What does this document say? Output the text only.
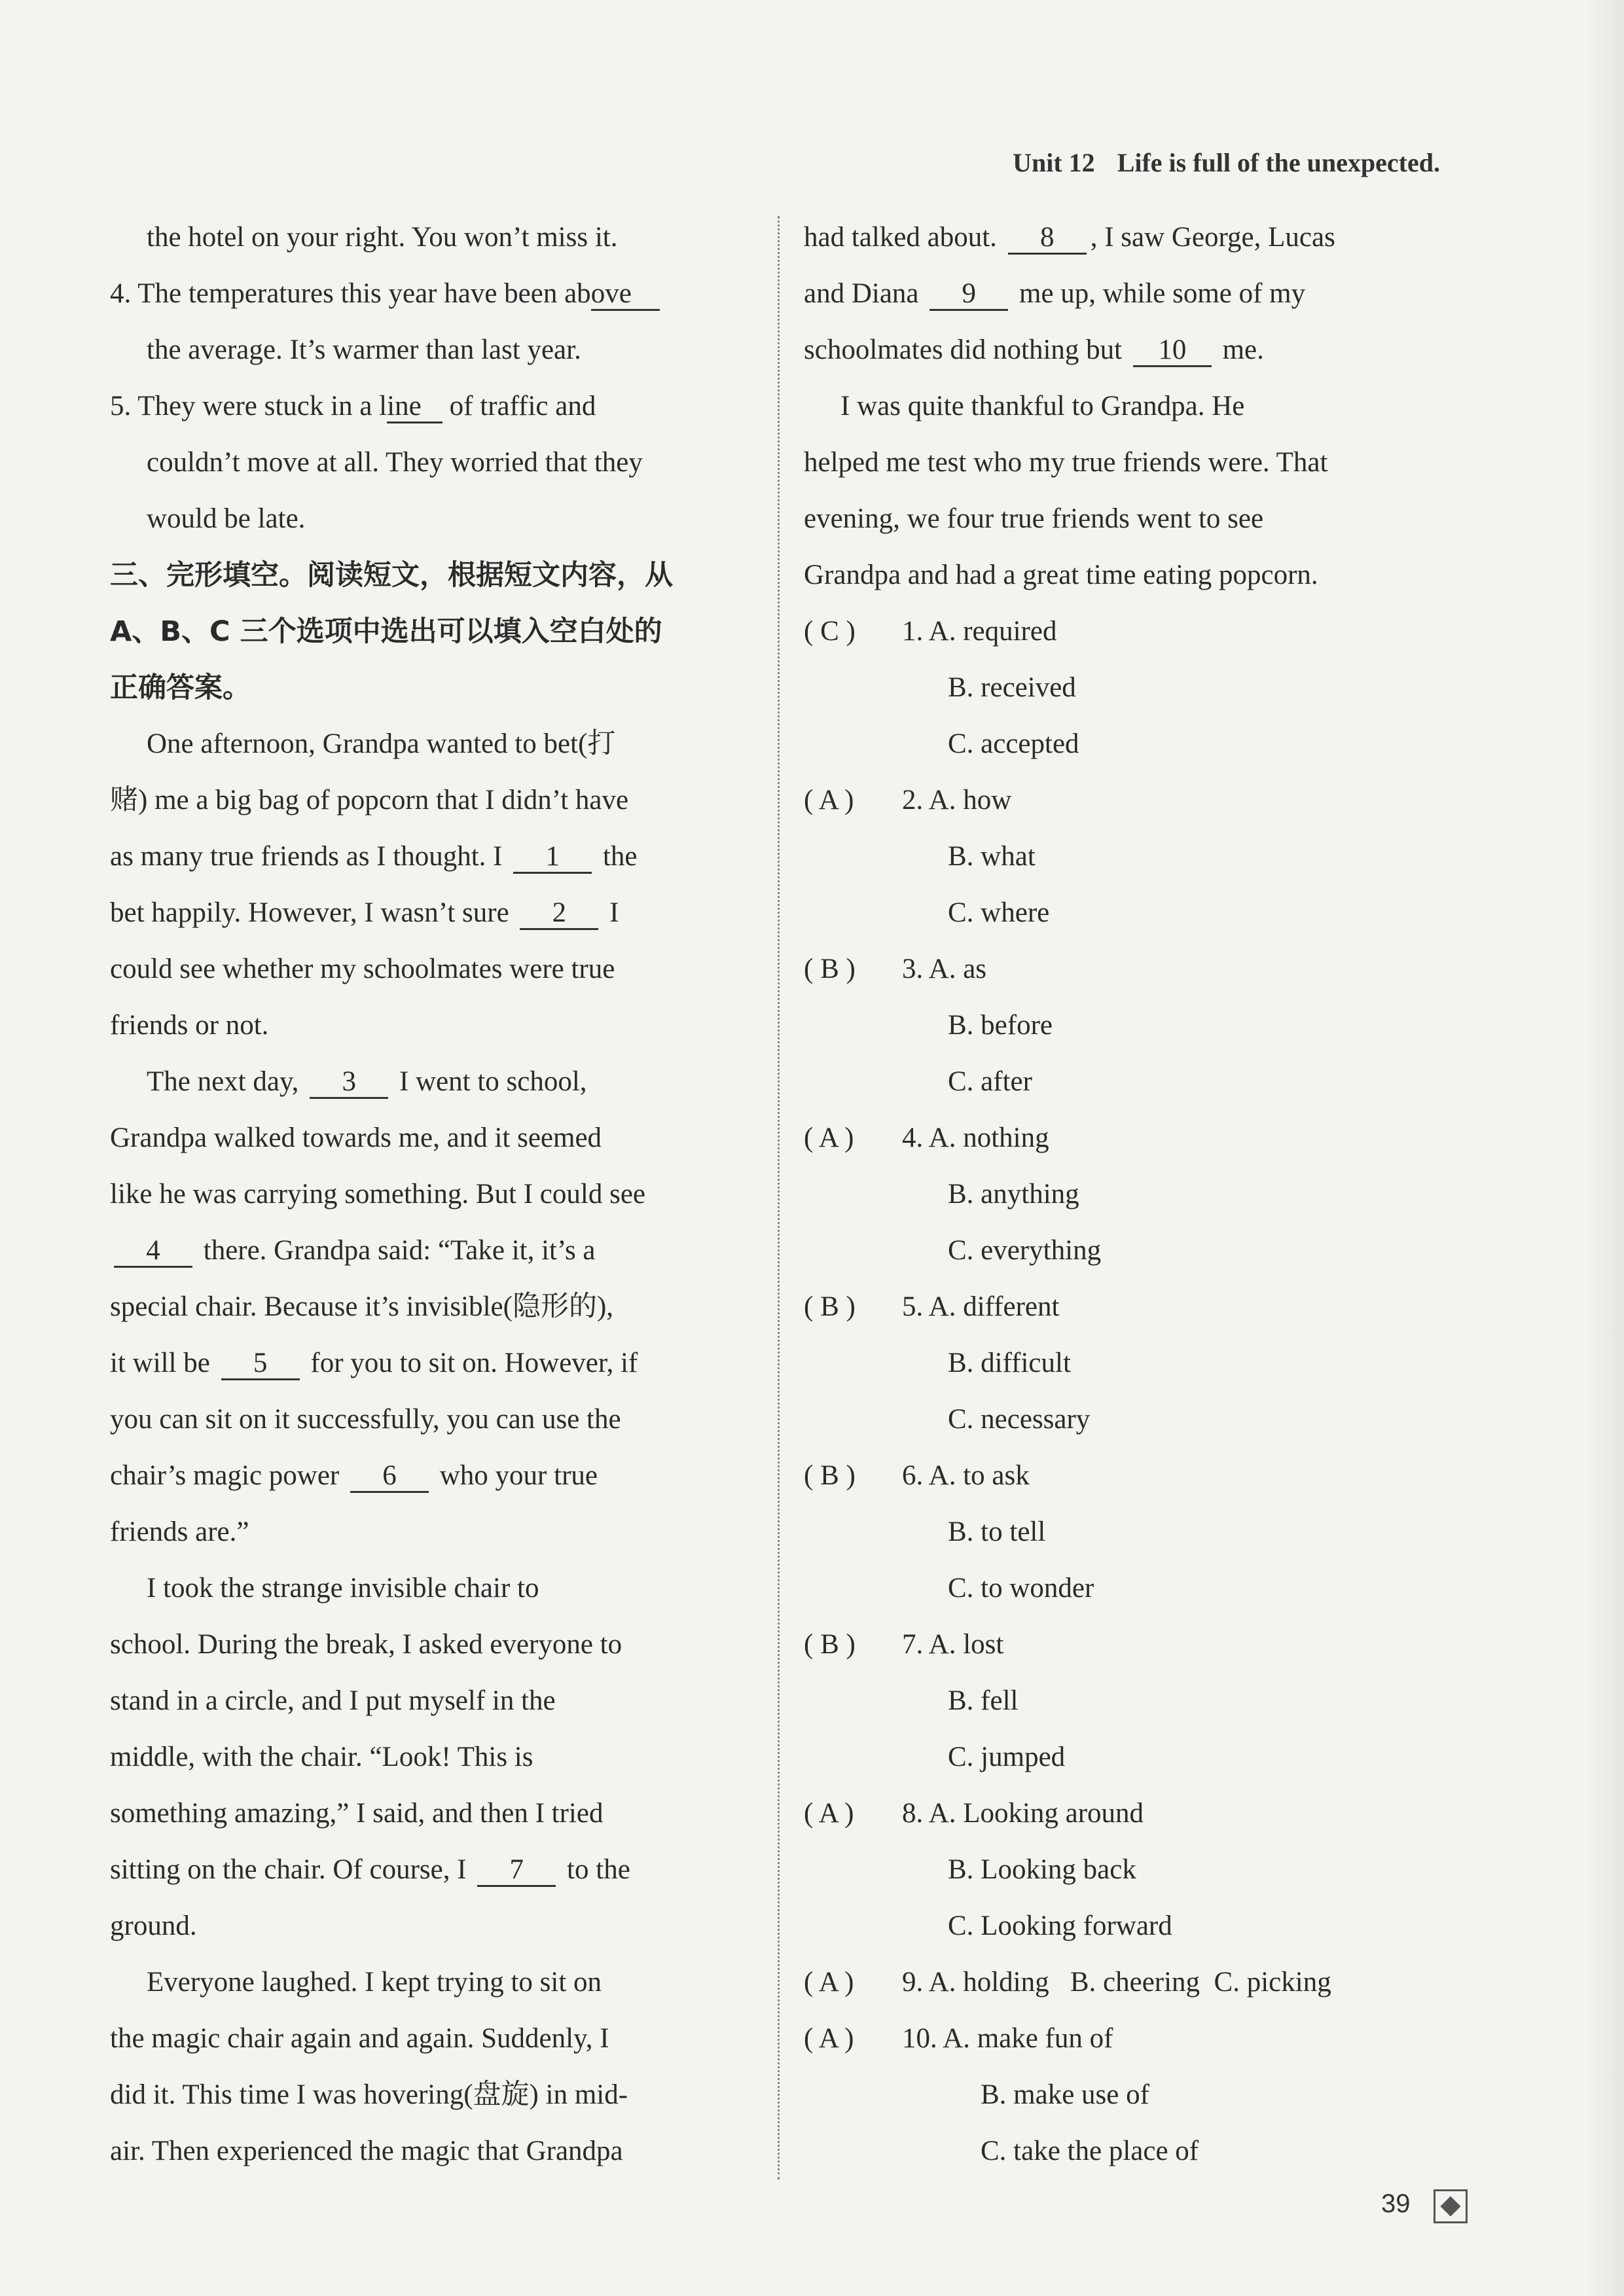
Unit 12 Life is full of the unexpected.
the hotel on your right. You won’t miss it.
4. The temperatures this year have been above
the average. It’s warmer than last year.
5. They were stuck in a line of traffic and
couldn’t move at all. They worried that they
would be late.
三、完形填空。阅读短文，根据短文内容，从
A、B、C 三个选项中选出可以填入空白处的
正确答案。
One afternoon, Grandpa wanted to bet(打
赌) me a big bag of popcorn that I didn’t have
as many true friends as I thought. I 1 the
bet happily. However, I wasn’t sure 2 I
could see whether my schoolmates were true
friends or not.
The next day, 3 I went to school,
Grandpa walked towards me, and it seemed
like he was carrying something. But I could see
4 there. Grandpa said: “Take it, it’s a
special chair. Because it’s invisible(隐形的),
it will be 5 for you to sit on. However, if
you can sit on it successfully, you can use the
chair’s magic power 6 who your true
friends are.”
I took the strange invisible chair to
school. During the break, I asked everyone to
stand in a circle, and I put myself in the
middle, with the chair. “Look! This is
something amazing,” I said, and then I tried
sitting on the chair. Of course, I 7 to the
ground.
Everyone laughed. I kept trying to sit on
the magic chair again and again. Suddenly, I
did it. This time I was hovering(盘旋) in mid-
air. Then experienced the magic that Grandpa
had talked about. 8 , I saw George, Lucas
and Diana 9 me up, while some of my
schoolmates did nothing but 10 me.
I was quite thankful to Grandpa. He
helped me test who my true friends were. That
evening, we four true friends went to see
Grandpa and had a great time eating popcorn.
( C ) 1. A. required
B. received
C. accepted
( A ) 2. A. how
B. what
C. where
( B ) 3. A. as
B. before
C. after
( A ) 4. A. nothing
B. anything
C. everything
( B ) 5. A. different
B. difficult
C. necessary
( B ) 6. A. to ask
B. to tell
C. to wonder
( B ) 7. A. lost
B. fell
C. jumped
( A ) 8. A. Looking around
B. Looking back
C. Looking forward
( A ) 9. A. holding B. cheering C. picking
( A ) 10. A. make fun of
B. make use of
C. take the place of
39
